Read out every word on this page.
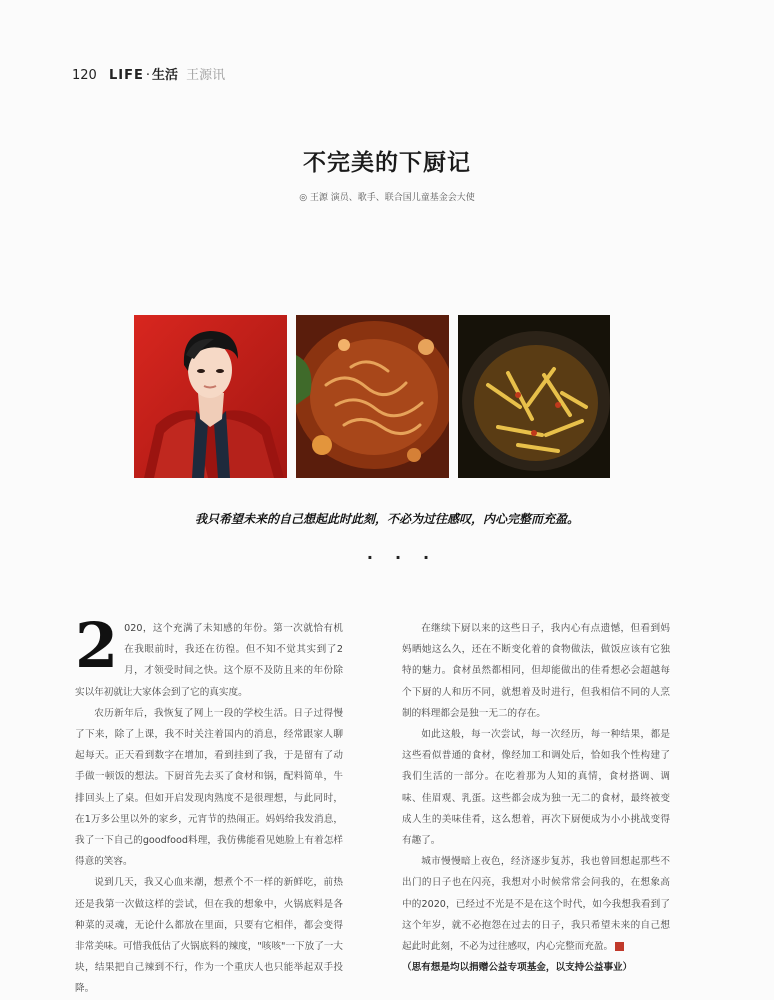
120 LIFE · 生活 王源讯
不完美的下厨记
◎ 王源 演员、歌手、联合国儿童基金会大使
我只希望未来的自己想起此时此刻，不必为过往感叹，内心完整而充盈。
···

2 020，这个充满了未知感的年份。第一次就恰有机在我眼前时，我还在彷徨。但不知不觉其实到了2月，才领受时间之快。这个原不及防且来的年份除实以年初就让大家体会到了它的真实度。

农历新年后，我恢复了网上一段的学校生活。日子过得慢了下来，除了上课，我不时关注着国内的消息，经常跟家人聊起每天。正天看到数字在增加，看到挂到了我，于是留有了动手做一顿饭的想法。下厨首先去买了食材和锅，配料简单，牛排回头上了桌。但如开启发现肉熟度不是很理想，与此同时，在1万多公里以外的家乡，元宵节的热闹正。妈妈给我发消息，我了一下自己的goodfood料理，我仿佛能看见她脸上有着怎样得意的笑容。

说到几天，我又心血来潮，想煮个不一样的新鲜吃，前热还是我第一次做这样的尝试，但在我的想象中，火锅底料是各种菜的灵魂，无论什么都放在里面，只要有它相伴，都会变得非常美味。可惜我低估了火锅底料的辣度，"咳咳"一下放了一大块，结果把自己辣到不行，作为一个重庆人也只能举起双手投降。

在继续下厨以来的这些日子，我内心有点遗憾，但看到妈妈晒她这么久，还在不断变化着的食物做法，做饭应该有它独特的魅力。食材虽然都相同，但却能做出的佳肴想必会超越每个下厨的人和历不同，就想着及时进行，但我相信不同的人烹制的料理都会是独一无二的存在。

如此这般，每一次尝试，每一次经历，每一种结果，都是这些看似普通的食材，像经加工和调处后，恰如我个性构建了我们生活的一部分。在吃着那为人知的真情，食材搭调、调味、佳眉观、乳蛋。这些都会成为独一无二的食材，最终被变成人生的美味佳肴，这么想着，再次下厨便成为小小挑战变得有趣了。

城市慢慢暗上夜色，经济逐步复苏，我也曾回想起那些不出门的日子也在闪亮，我想对小时候常常会问我的，在想象高中的2020，已经过不光是不是在这个时代，如今我想我看到了这个年岁，就不必抱怨在过去的日子，我只希望未来的自己想起此时此刻，不必为过往感叹，内心完整而充盈。

（思有想是均以捐赠公益专项基金，以支持公益事业）
